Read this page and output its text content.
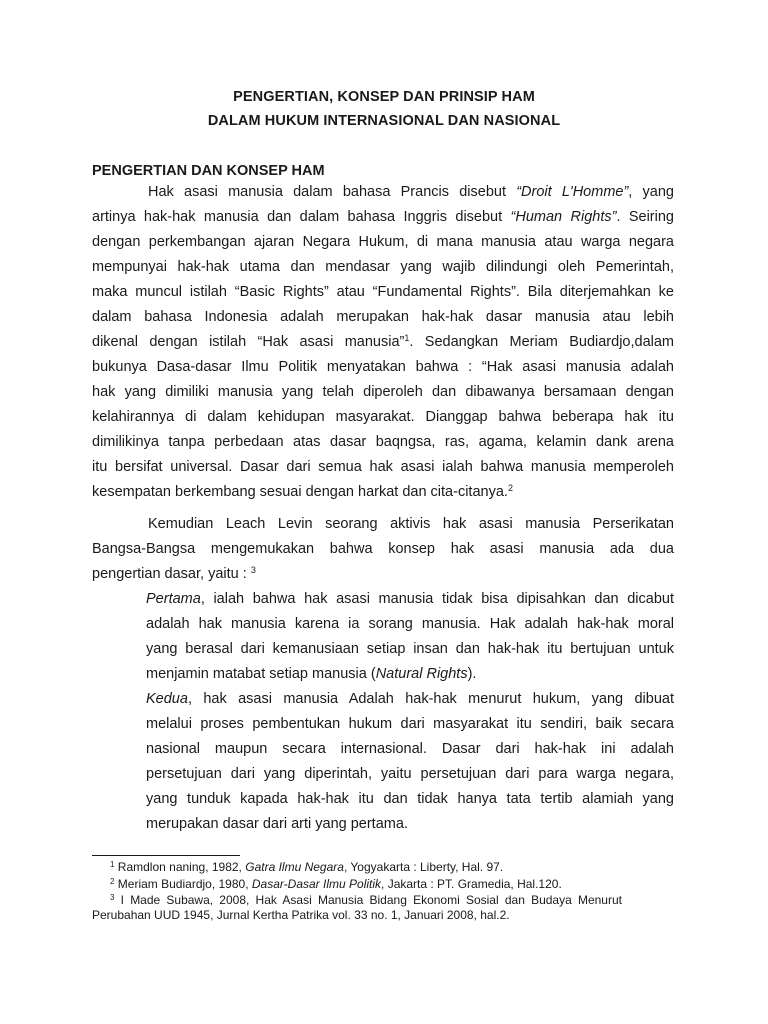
PENGERTIAN, KONSEP DAN PRINSIP HAM
DALAM HUKUM INTERNASIONAL DAN NASIONAL
PENGERTIAN DAN KONSEP HAM
Hak asasi manusia dalam bahasa Prancis disebut “Droit L'Homme”, yang
artinya hak-hak manusia dan dalam bahasa Inggris disebut “Human Rights”. Seiring
dengan perkembangan ajaran Negara Hukum, di mana manusia atau warga negara
mempunyai hak-hak utama dan mendasar yang wajib dilindungi oleh Pemerintah,
maka muncul istilah “Basic Rights” atau “Fundamental Rights”. Bila diterjemahkan ke
dalam bahasa Indonesia adalah merupakan hak-hak dasar manusia atau lebih
dikenal dengan istilah “Hak asasi manusia”$^1$. Sedangkan Meriam Budiardjo,dalam
bukunya Dasa-dasar Ilmu Politik menyatakan bahwa : “Hak asasi manusia adalah
hak yang dimiliki manusia yang telah diperoleh dan dibawanya bersamaan dengan
kelahirannya di dalam kehidupan masyarakat. Dianggap bahwa beberapa hak itu
dimilikinya tanpa perbedaan atas dasar baqngsa, ras, agama, kelamin dank arena
itu bersifat universal. Dasar dari semua hak asasi ialah bahwa manusia memperoleh
kesempatan berkembang sesuai dengan harkat dan cita-citanya.$^2$
Kemudian Leach Levin seorang aktivis hak asasi manusia Perserikatan
Bangsa-Bangsa mengemukakan bahwa konsep hak asasi manusia ada dua
pengertian dasar, yaitu : $^3$
Pertama, ialah bahwa hak asasi manusia tidak bisa dipisahkan dan dicabut
adalah hak manusia karena ia sorang manusia. Hak adalah hak-hak moral
yang berasal dari kemanusiaan setiap insan dan hak-hak itu bertujuan untuk
menjamin matabat setiap manusia (Natural Rights).
Kedua, hak asasi manusia Adalah hak-hak menurut hukum, yang dibuat
melalui proses pembentukan hukum dari masyarakat itu sendiri, baik secara
nasional maupun secara internasional. Dasar dari hak-hak ini adalah
persetujuan dari yang diperintah, yaitu persetujuan dari para warga negara,
yang tunduk kapada hak-hak itu dan tidak hanya tata tertib alamiah yang
merupakan dasar dari arti yang pertama.
$^1$ Ramdlon naning, 1982, Gatra Ilmu Negara, Yogyakarta : Liberty, Hal. 97.
$^2$ Meriam Budiardjo, 1980, Dasar-Dasar Ilmu Politik, Jakarta : PT. Gramedia, Hal.120.
$^3$ I Made Subawa, 2008, Hak Asasi Manusia Bidang Ekonomi Sosial dan Budaya Menurut
Perubahan UUD 1945, Jurnal Kertha Patrika vol. 33 no. 1, Januari 2008, hal.2.
